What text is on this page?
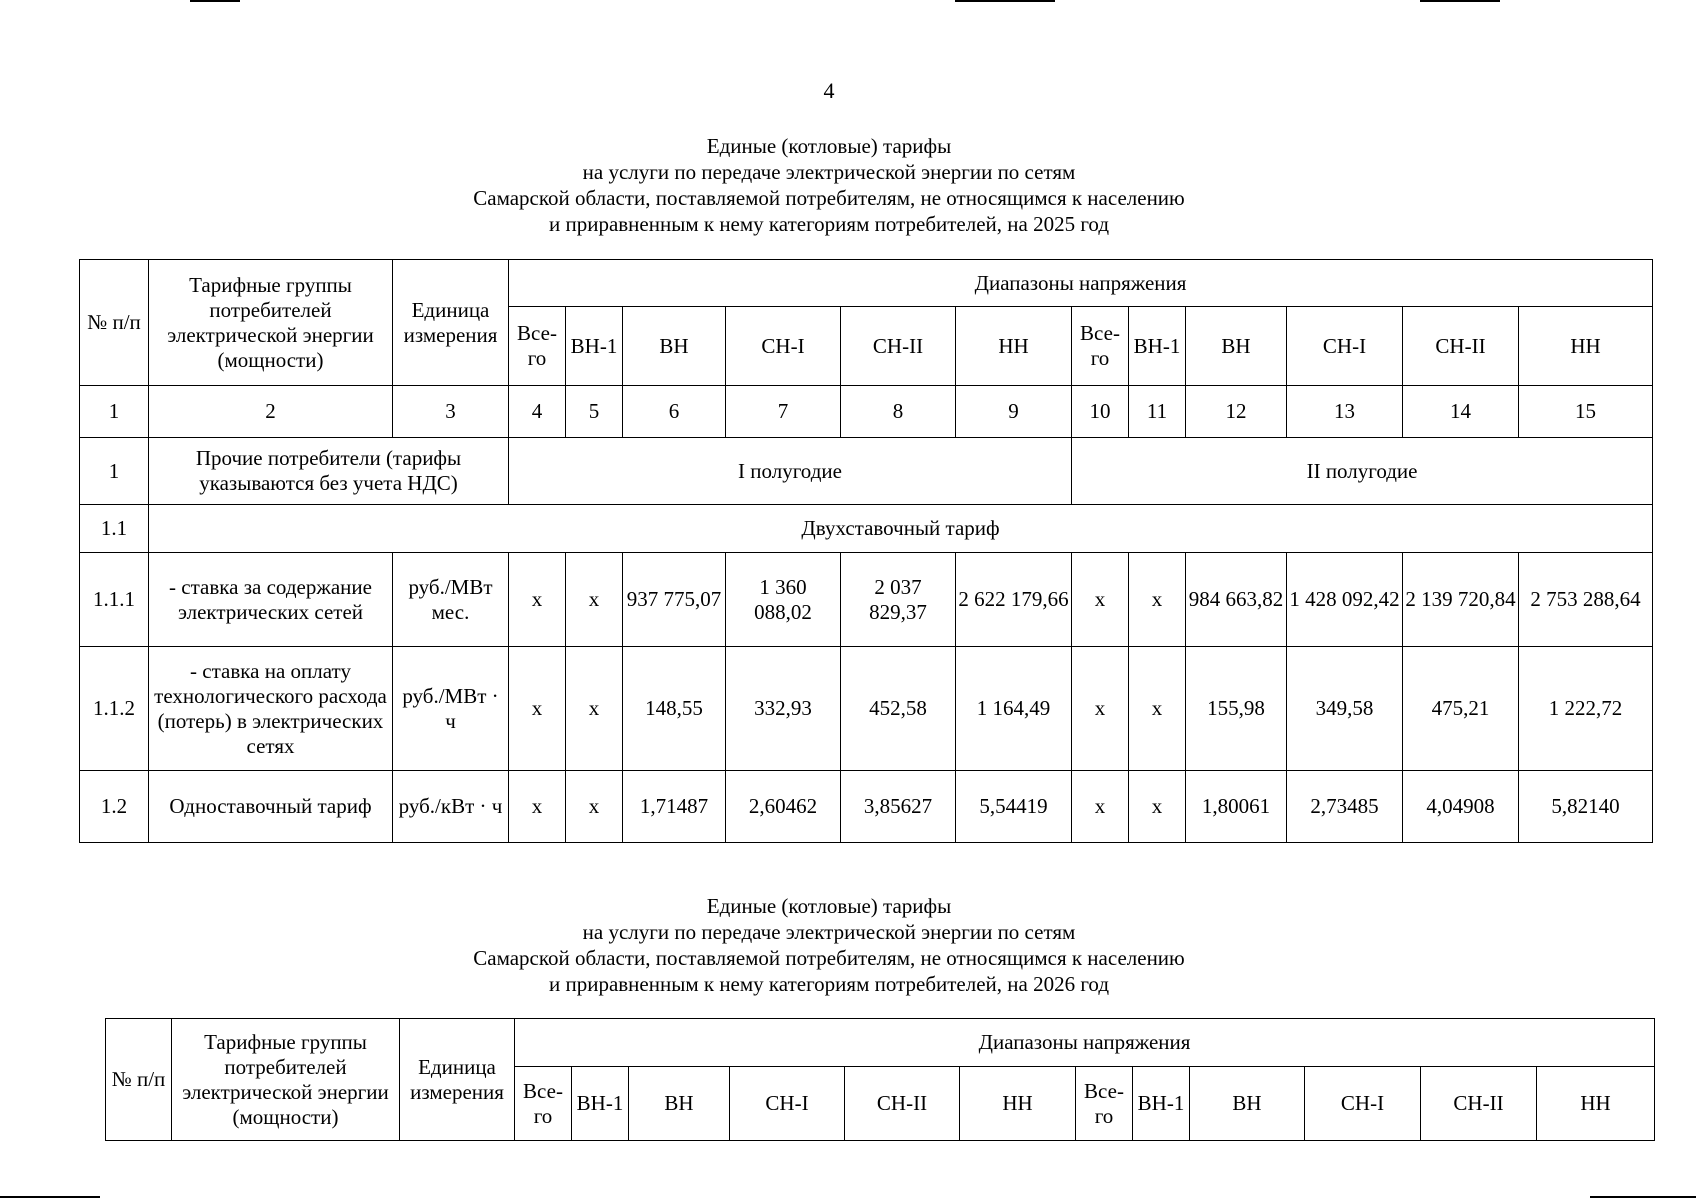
4
Единые (котловые) тарифы
на услуги по передаче электрической энергии по сетям
Самарской области, поставляемой потребителям, не относящимся к населению
и приравненным к нему категориям потребителей, на 2025 год
№ п/п	Тарифные группы потребителей электрической энергии (мощности)	Единица измерения	Диапазоны напряжения											
			Все-го	ВН-1	ВН	СН-I	СН-II	НН	Все-го	ВН-1	ВН	СН-I	СН-II	НН
1	2	3	4	5	6	7	8	9	10	11	12	13	14	15
1	Прочие потребители (тарифы указываются без учета НДС)		I полугодие						II полугодие					
1.1	Двухставочный тариф													
1.1.1	- ставка за содержание электрических сетей	руб./МВт мес.	x	x	937 775,07	1 360 088,02	2 037 829,37	2 622 179,66	x	x	984 663,82	1 428 092,42	2 139 720,84	2 753 288,64
1.1.2	- ставка на оплату технологического расхода (потерь) в электрических сетях	руб./МВт · ч	x	x	148,55	332,93	452,58	1 164,49	x	x	155,98	349,58	475,21	1 222,72
1.2	Одноставочный тариф	руб./кВт · ч	x	x	1,71487	2,60462	3,85627	5,54419	x	x	1,80061	2,73485	4,04908	5,82140
Единые (котловые) тарифы
на услуги по передаче электрической энергии по сетям
Самарской области, поставляемой потребителям, не относящимся к населению
и приравненным к нему категориям потребителей, на 2026 год
№ п/п	Тарифные группы потребителей электрической энергии (мощности)	Единица измерения	Диапазоны напряжения											
			Все-го	ВН-1	ВН	СН-I	СН-II	НН	Все-го	ВН-1	ВН	СН-I	СН-II	НН
